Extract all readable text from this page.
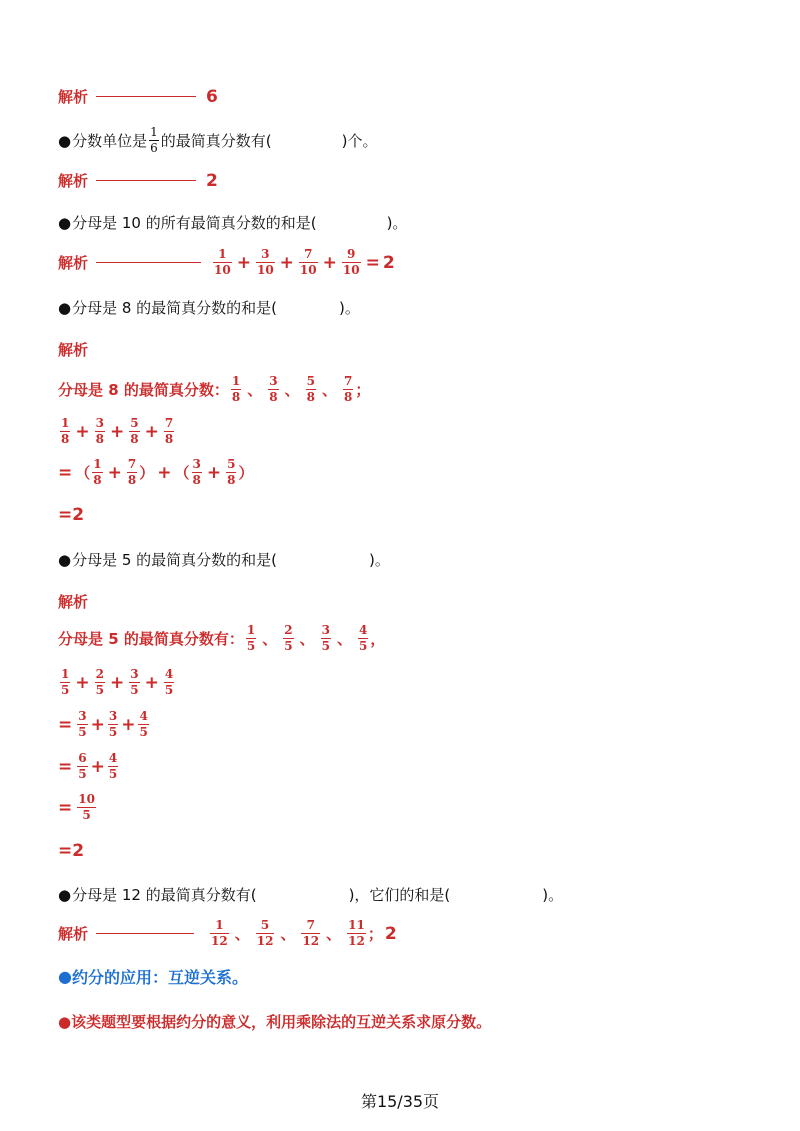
解析	6
● 分数单位是 $\frac{1}{6}$ 的最简真分数有(	)个。
解析	2
● 分母是 10 的所有最简真分数的和是(	)。
解析	$\frac{1}{10} + \frac{3}{10} + \frac{7}{10} + \frac{9}{10} = 2$
● 分母是 8 的最简真分数的和是(	)。
解析
分母是 8 的最简真分数： $\frac{1}{8}$ 、 $\frac{3}{8}$ 、 $\frac{5}{8}$ 、 $\frac{7}{8}$ ；
$\frac{1}{8} + \frac{3}{8} + \frac{5}{8} + \frac{7}{8}$
= （ $\frac{1}{8} + \frac{7}{8}$ ） + （ $\frac{3}{8} + \frac{5}{8}$ ）
= 2
● 分母是 5 的最简真分数的和是(	)。
解析
分母是 5 的最简真分数有： $\frac{1}{5}$ 、 $\frac{2}{5}$ 、 $\frac{3}{5}$ 、 $\frac{4}{5}$ ，
$\frac{1}{5} + \frac{2}{5} + \frac{3}{5} + \frac{4}{5}$
= $\frac{3}{5} + \frac{3}{5} + \frac{4}{5}$
= $\frac{6}{5} + \frac{4}{5}$
= $\frac{10}{5}$
= 2
● 分母是 12 的最简真分数有(	)，它们的和是(	)。
解析	$\frac{1}{12}$ 、 $\frac{5}{12}$ 、 $\frac{7}{12}$ 、 $\frac{11}{12}$ ； 2
● 约分的应用：互逆关系。
● 该类题型要根据约分的意义，利用乘除法的互逆关系求原分数。
第15/35页
